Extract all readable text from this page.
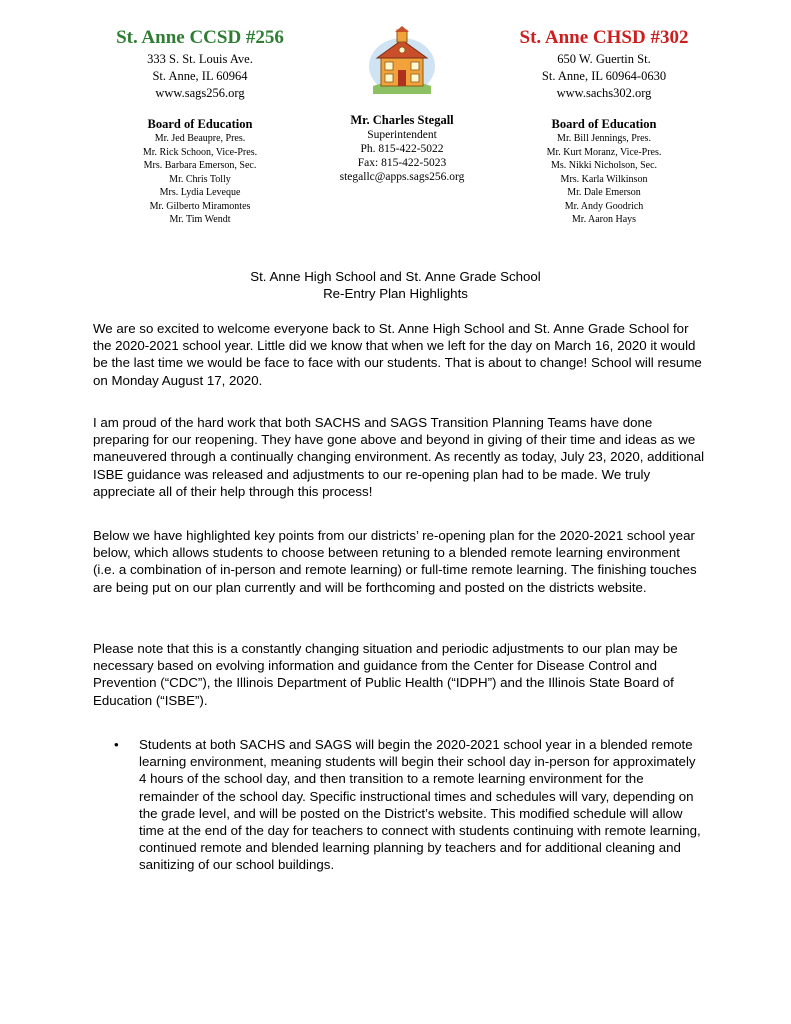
St. Anne CCSD #256
333 S. St. Louis Ave.
St. Anne, IL 60964
www.sags256.org
Board of Education
Mr. Jed Beaupre, Pres.
Mr. Rick Schoon, Vice-Pres.
Mrs. Barbara Emerson, Sec.
Mr. Chris Tolly
Mrs. Lydia Leveque
Mr. Gilberto Miramontes
Mr. Tim Wendt
Mr. Charles Stegall
Superintendent
Ph. 815-422-5022
Fax: 815-422-5023
stegallc@apps.sags256.org
St. Anne CHSD #302
650 W. Guertin St.
St. Anne, IL 60964-0630
www.sachs302.org
Board of Education
Mr. Bill Jennings, Pres.
Mr. Kurt Moranz, Vice-Pres.
Ms. Nikki Nicholson, Sec.
Mrs. Karla Wilkinson
Mr. Dale Emerson
Mr. Andy Goodrich
Mr. Aaron Hays
St. Anne High School and St. Anne Grade School
Re-Entry Plan Highlights
We are so excited to welcome everyone back to St. Anne High School and St. Anne Grade School for the 2020-2021 school year. Little did we know that when we left for the day on March 16, 2020 it would be the last time we would be face to face with our students. That is about to change! School will resume on Monday August 17, 2020.
I am proud of the hard work that both SACHS and SAGS Transition Planning Teams have done preparing for our reopening. They have gone above and beyond in giving of their time and ideas as we maneuvered through a continually changing environment. As recently as today, July 23, 2020, additional ISBE guidance was released and adjustments to our re-opening plan had to be made. We truly appreciate all of their help through this process!
Below we have highlighted key points from our districts’ re-opening plan for the 2020-2021 school year below, which allows students to choose between retuning to a blended remote learning environment (i.e. a combination of in-person and remote learning) or full-time remote learning. The finishing touches are being put on our plan currently and will be forthcoming and posted on the districts website.
Please note that this is a constantly changing situation and periodic adjustments to our plan may be necessary based on evolving information and guidance from the Center for Disease Control and Prevention (“CDC”), the Illinois Department of Public Health (“IDPH”) and the Illinois State Board of Education (“ISBE”).
• Students at both SACHS and SAGS will begin the 2020-2021 school year in a blended remote learning environment, meaning students will begin their school day in-person for approximately 4 hours of the school day, and then transition to a remote learning environment for the remainder of the school day. Specific instructional times and schedules will vary, depending on the grade level, and will be posted on the District’s website. This modified schedule will allow time at the end of the day for teachers to connect with students continuing with remote learning, continued remote and blended learning planning by teachers and for additional cleaning and sanitizing of our school buildings.
